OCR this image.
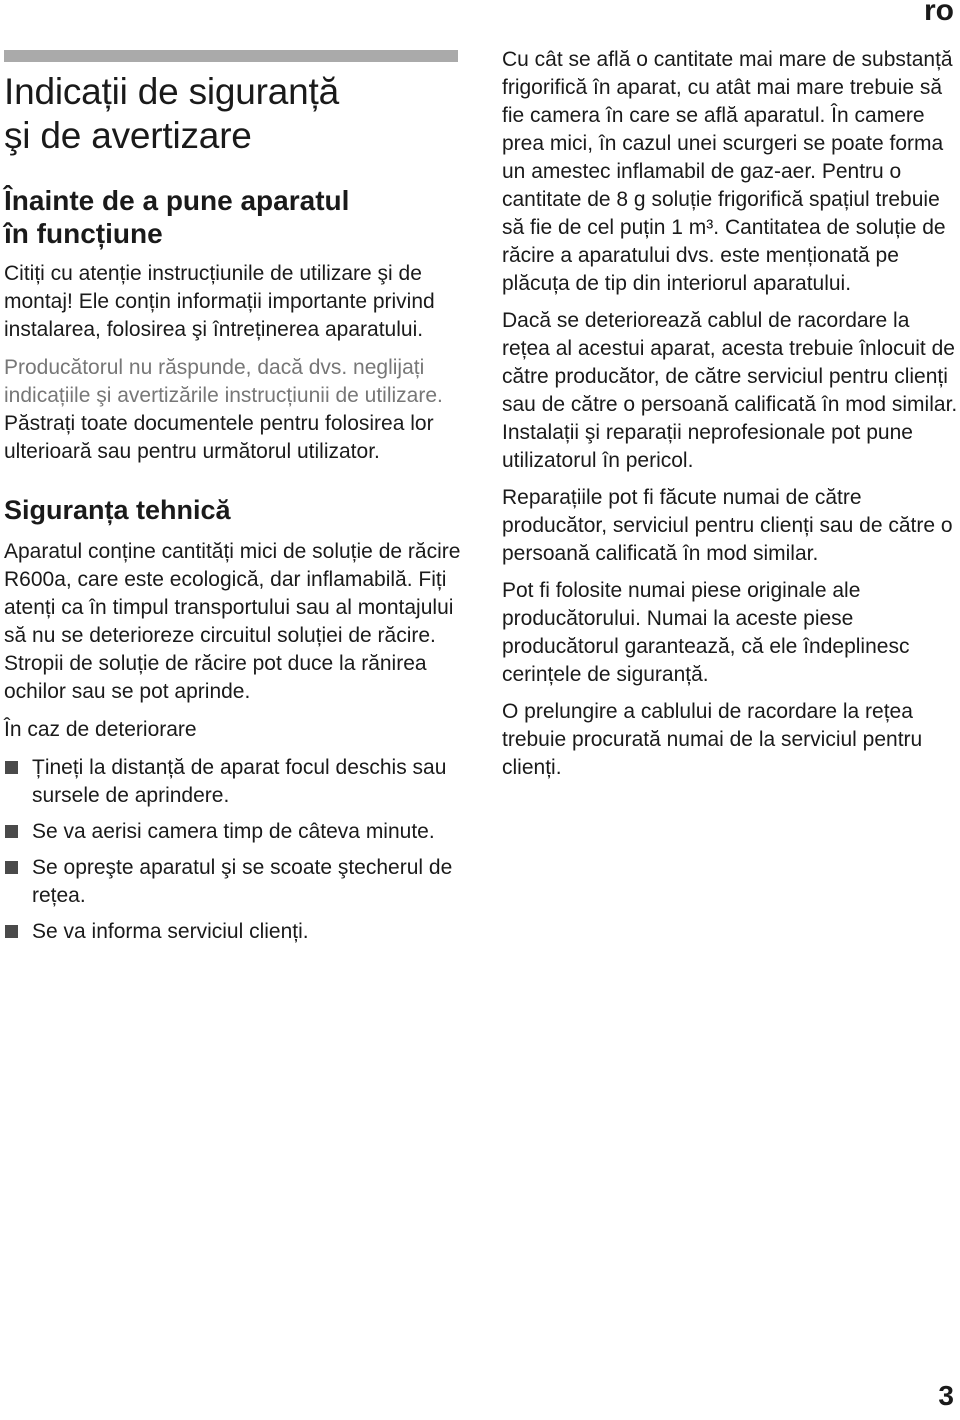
ro
Indicații de siguranță
şi de avertizare
Înainte de a pune aparatul
în funcțiune

Citiți cu atenție instrucțiunile de utilizare şi de montaj! Ele conțin informații importante privind instalarea, folosirea şi întreținerea aparatului.

Producătorul nu răspunde, dacă dvs. neglijați indicațiile şi avertizările instrucțiunii de utilizare. Păstrați toate documentele pentru folosirea lor ulterioară sau pentru următorul utilizator.

Siguranța tehnică

Aparatul conține cantități mici de soluție de răcire R600a, care este ecologică, dar inflamabilă. Fiți atenți ca în timpul transportului sau al montajului să nu se deterioreze circuitul soluției de răcire. Stropii de soluție de răcire pot duce la rănirea ochilor sau se pot aprinde.

În caz de deteriorare

Țineți la distanță de aparat focul deschis sau sursele de aprindere.
Se va aerisi camera timp de câteva minute.
Se opreşte aparatul şi se scoate ştecherul de rețea.
Se va informa serviciul clienți.

Cu cât se află o cantitate mai mare de substanță frigorifică în aparat, cu atât mai mare trebuie să fie camera în care se află aparatul. În camere prea mici, în cazul unei scurgeri se poate forma un amestec inflamabil de gaz-aer. Pentru o cantitate de 8 g soluție frigorifică spațiul trebuie să fie de cel puțin 1 m³. Cantitatea de soluție de răcire a aparatului dvs. este menționată pe plăcuța de tip din interiorul aparatului.

Dacă se deteriorează cablul de racordare la rețea al acestui aparat, acesta trebuie înlocuit de către producător, de către serviciul pentru clienți sau de către o persoană calificată în mod similar. Instalații şi reparații neprofesionale pot pune utilizatorul în pericol.

Reparațiile pot fi făcute numai de către producător, serviciul pentru clienți sau de către o persoană calificată în mod similar.

Pot fi folosite numai piese originale ale producătorului. Numai la aceste piese producătorul garantează, că ele îndeplinesc cerințele de siguranță.

O prelungire a cablului de racordare la rețea trebuie procurată numai de la serviciul pentru clienți.

3
